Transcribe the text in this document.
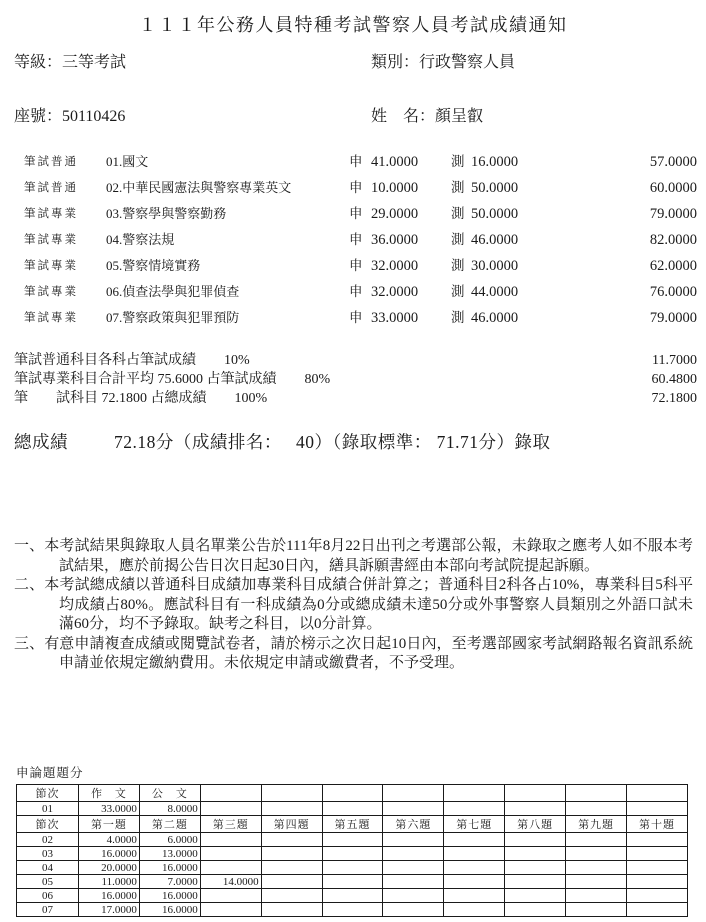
１１１年公務人員特種考試警察人員考試成績通知
等級：三等考試	類別：行政警察人員
座號：50110426	姓　名：顏呈叡
筆試普通 01.國文	申 41.0000 測 16.0000	57.0000
筆試普通 02.中華民國憲法與警察專業英文	申 10.0000 測 50.0000	60.0000
筆試專業 03.警察學與警察勤務	申 29.0000 測 50.0000	79.0000
筆試專業 04.警察法規	申 36.0000 測 46.0000	82.0000
筆試專業 05.警察情境實務	申 32.0000 測 30.0000	62.0000
筆試專業 06.偵查法學與犯罪偵查	申 32.0000 測 44.0000	76.0000
筆試專業 07.警察政策與犯罪預防	申 33.0000 測 46.0000	79.0000
筆試普通科目各科占筆試成績　　10%	11.7000
筆試專業科目合計平均 75.6000 占筆試成績　　80%	60.4800
筆　　試科目 72.1800 占總成績　　100%	72.1800
總成績	72.18分（成績排名：　 40）（錄取標準： 71.71分）錄取

一、本考試結果與錄取人員名單業公告於111年8月22日出刊之考選部公報，未錄取之應考人如不服本考試結果，應於前揭公告日次日起30日內，繕具訴願書經由本部向考試院提起訴願。

二、本考試總成績以普通科目成績加專業科目成績合併計算之；普通科目2科各占10%，專業科目5科平均成績占80%。應試科目有一科成績為0分或總成績未達50分或外事警察人員類別之外語口試未滿60分，均不予錄取。缺考之科目，以0分計算。

三、有意申請複查成績或閱覽試卷者，請於榜示之次日起10日內，至考選部國家考試網路報名資訊系統申請並依規定繳納費用。未依規定申請或繳費者，不予受理。

申論題題分
節次	作　文	公　文								
01	33.0000	8.0000								
節次	第一題	第二題	第三題	第四題	第五題	第六題	第七題	第八題	第九題	第十題
02	4.0000	6.0000								
03	16.0000	13.0000								
04	20.0000	16.0000								
05	11.0000	7.0000	14.0000							
06	16.0000	16.0000								
07	17.0000	16.0000								
